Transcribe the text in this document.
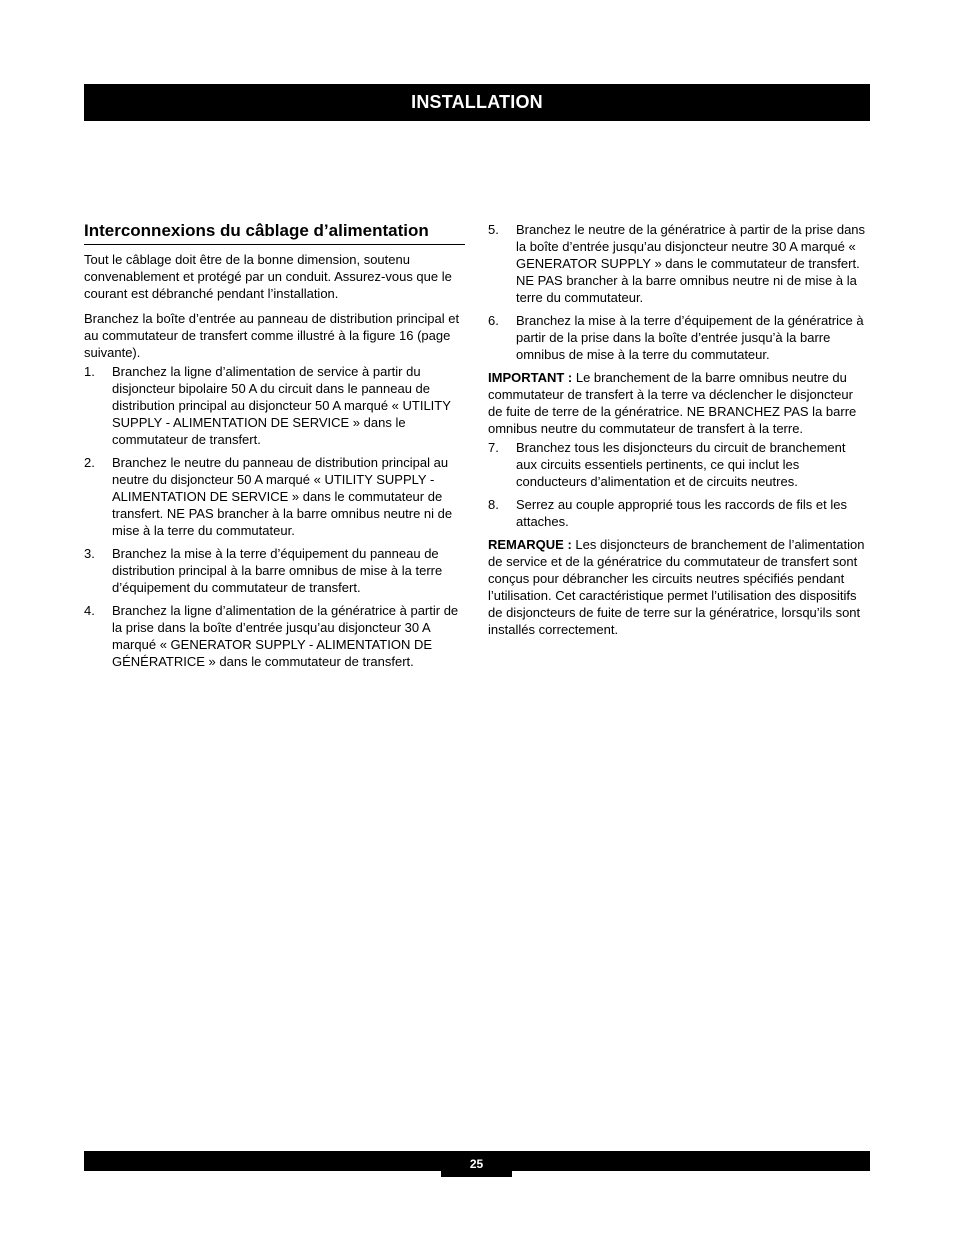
INSTALLATION
Interconnexions du câblage d’alimentation

Tout le câblage doit être de la bonne dimension, soutenu convenablement et protégé par un conduit. Assurez-vous que le courant est débranché pendant l’installation.

Branchez la boîte d’entrée au panneau de distribution principal et au commutateur de transfert comme illustré à la figure 16 (page suivante).

1.	Branchez la ligne d’alimentation de service à partir du disjoncteur bipolaire 50 A du circuit dans le panneau de distribution principal au disjoncteur 50 A marqué « UTILITY SUPPLY - ALIMENTATION DE SERVICE » dans le commutateur de transfert.
2.	Branchez le neutre du panneau de distribution principal au neutre du disjoncteur 50 A marqué « UTILITY SUPPLY - ALIMENTATION DE SERVICE » dans le commutateur de transfert. NE PAS brancher à la barre omnibus neutre ni de mise à la terre du commutateur.
3.	Branchez la mise à la terre d’équipement du panneau de distribution principal à la barre omnibus de mise à la terre d’équipement du commutateur de transfert.
4.	Branchez la ligne d’alimentation de la génératrice à partir de la prise dans la boîte d’entrée jusqu’au disjoncteur 30 A marqué « GENERATOR SUPPLY - ALIMENTATION DE GÉNÉRATRICE » dans le commutateur de transfert.
5.	Branchez le neutre de la génératrice à partir de la prise dans la boîte d’entrée jusqu’au disjoncteur neutre 30 A marqué « GENERATOR SUPPLY » dans le commutateur de transfert. NE PAS brancher à la barre omnibus neutre ni de mise à la terre du commutateur.
6.	Branchez la mise à la terre d’équipement de la génératrice à partir de la prise dans la boîte d’entrée jusqu’à la barre omnibus de mise à la terre du commutateur.

IMPORTANT : Le branchement de la barre omnibus neutre du commutateur de transfert à la terre va déclencher le disjoncteur de fuite de terre de la génératrice. NE BRANCHEZ PAS la barre omnibus neutre du commutateur de transfert à la terre.

7.	Branchez tous les disjoncteurs du circuit de branchement aux circuits essentiels pertinents, ce qui inclut les conducteurs d’alimentation et de circuits neutres.
8.	Serrez au couple approprié tous les raccords de fils et les attaches.

REMARQUE : Les disjoncteurs de branchement de l’alimentation de service et de la génératrice du commutateur de transfert sont conçus pour débrancher les circuits neutres spécifiés pendant l’utilisation. Cet caractéristique permet l’utilisation des dispositifs de disjoncteurs de fuite de terre sur la génératrice, lorsqu’ils sont installés correctement.

25
